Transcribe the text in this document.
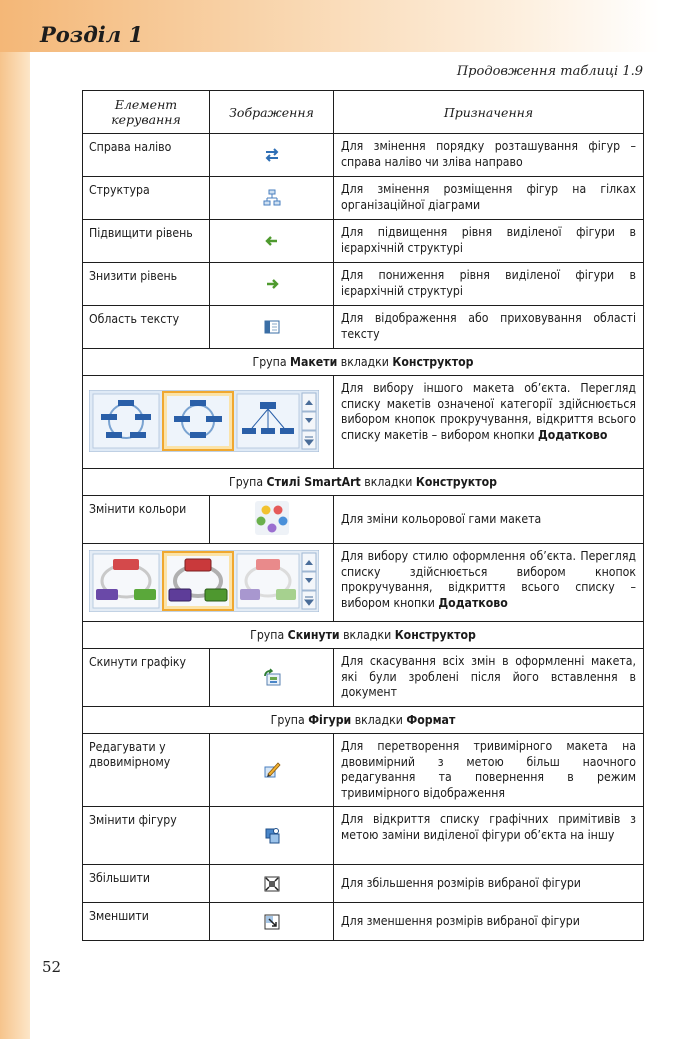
Розділ 1
Продовження таблиці 1.9
Елемент керування	Зображення	Призначення
Справа наліво		Для змінення порядку розташування фігур – справа наліво чи зліва направо
Структура		Для змінення розміщення фігур на гілках організаційної діаграми
Підвищити рівень		Для підвищення рівня виділеної фігури в ієрархічній структурі
Знизити рівень		Для пониження рівня виділеної фігури в ієрархічній структурі
Область тексту		Для відображення або приховування області тексту
Група Макети вкладки Конструктор		
	Для вибору іншого макета об’єкта. Перегляд списку макетів означеної категорії здійснюється вибором кнопок прокручування, відкриття всього списку макетів – вибором кнопки Додатково
Група Стилі SmartArt вкладки Конструктор		
Змінити кольори		Для зміни кольорової гами макета
	Для вибору стилю оформлення об’єкта. Перегляд списку здійснюється вибором кнопок прокручування, відкриття всього списку – вибором кнопки Додатково
Група Скинути вкладки Конструктор		
Скинути графіку		Для скасування всіх змін в оформленні макета, які були зроблені після його вставлення в документ
Група Фігури вкладки Формат		
Редагувати у двовимірному		Для перетворення тривимірного макета на двовимірний з метою більш наочного редагування та повернення в режим тривимірного відображення
Змінити фігуру		Для відкриття списку графічних примітивів з метою заміни виділеної фігури об’єкта на іншу
Збільшити		Для збільшення розмірів вибраної фігури
Зменшити		Для зменшення розмірів вибраної фігури
52
